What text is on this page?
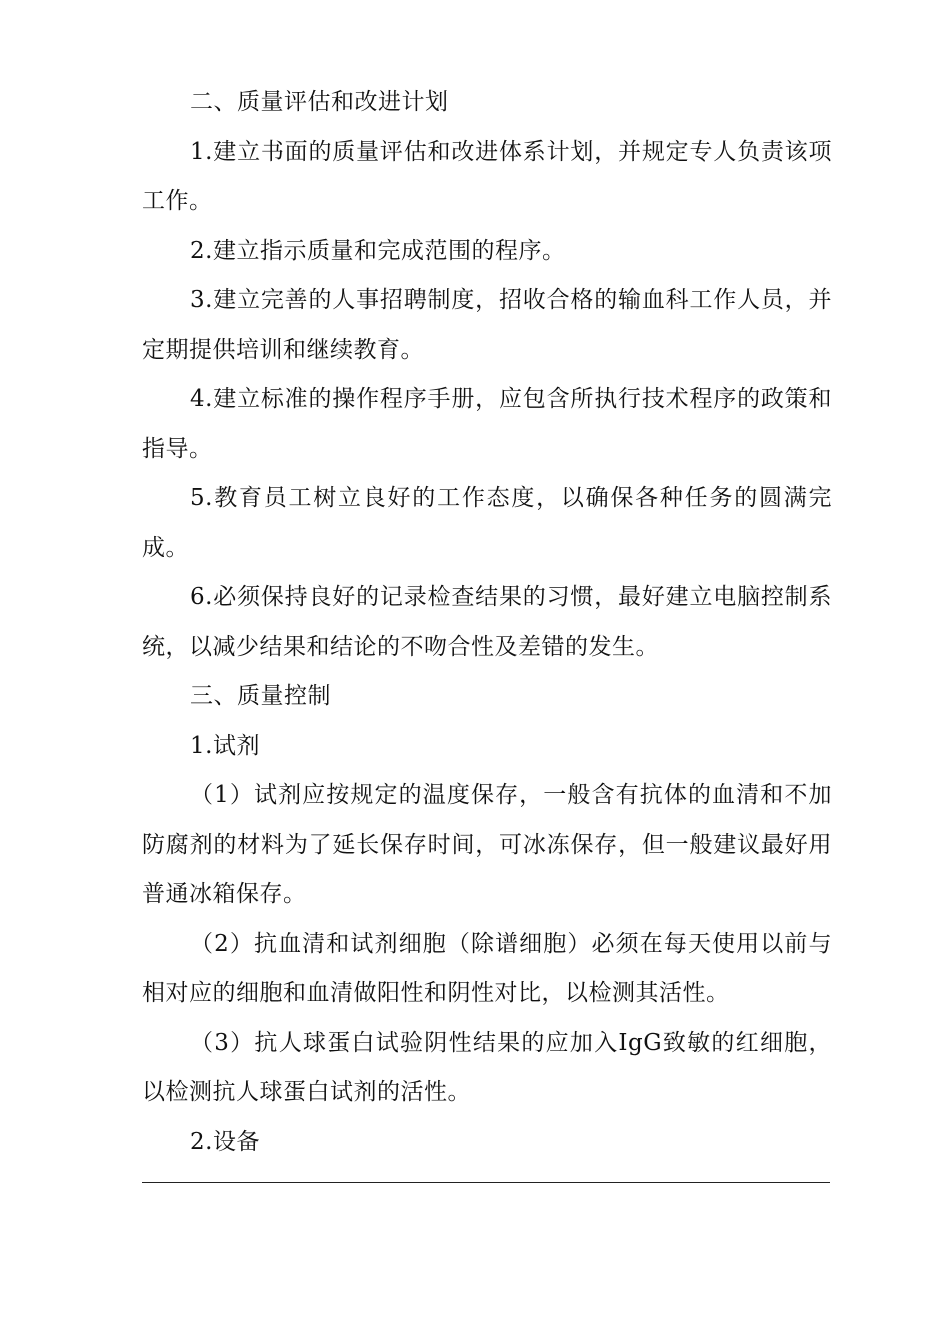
二、质量评估和改进计划

1.建立书面的质量评估和改进体系计划，并规定专人负责该项工作。

2.建立指示质量和完成范围的程序。

3.建立完善的人事招聘制度，招收合格的输血科工作人员，并定期提供培训和继续教育。

4.建立标准的操作程序手册，应包含所执行技术程序的政策和指导。

5.教育员工树立良好的工作态度，以确保各种任务的圆满完成。

6.必须保持良好的记录检查结果的习惯，最好建立电脑控制系统，以减少结果和结论的不吻合性及差错的发生。

三、质量控制

1.试剂

（1）试剂应按规定的温度保存，一般含有抗体的血清和不加防腐剂的材料为了延长保存时间，可冰冻保存，但一般建议最好用普通冰箱保存。

（2）抗血清和试剂细胞（除谱细胞）必须在每天使用以前与相对应的细胞和血清做阳性和阴性对比，以检测其活性。

（3）抗人球蛋白试验阴性结果的应加入IgG致敏的红细胞，以检测抗人球蛋白试剂的活性。

2.设备
